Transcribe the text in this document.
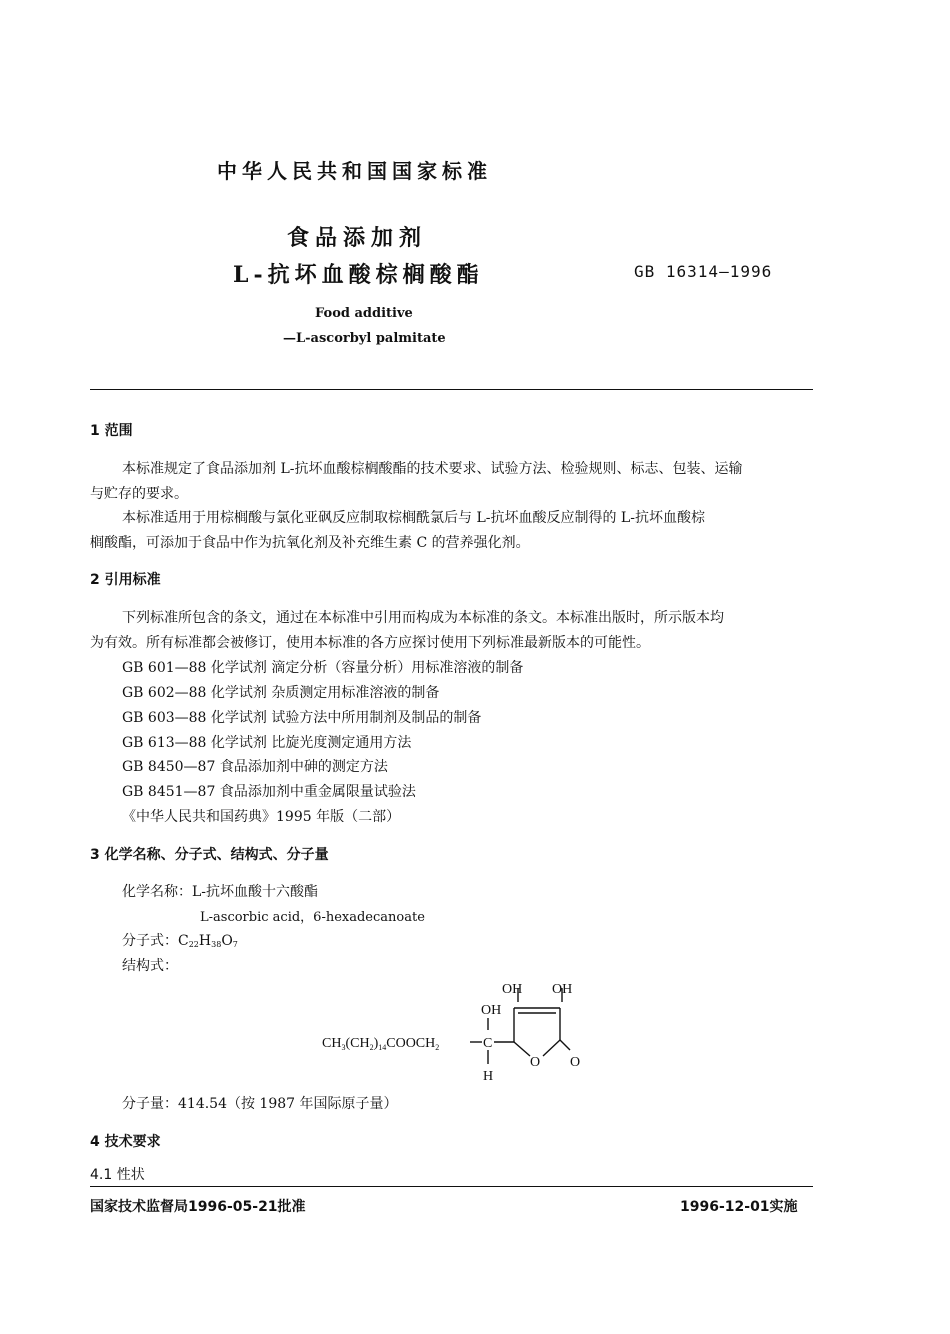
中华人民共和国国家标准
食品添加剂
L-抗坏血酸棕榈酸酯	GB 16314—1996
Food additive
—L-ascorbyl palmitate
1 范围
本标准规定了食品添加剂 L-抗坏血酸棕榈酸酯的技术要求、试验方法、检验规则、标志、包装、运输
与贮存的要求。
本标准适用于用棕榈酸与氯化亚砜反应制取棕榈酰氯后与 L-抗坏血酸反应制得的 L-抗坏血酸棕
榈酸酯，可添加于食品中作为抗氧化剂及补充维生素 C 的营养强化剂。
2 引用标准
下列标准所包含的条文，通过在本标准中引用而构成为本标准的条文。本标准出版时，所示版本均
为有效。所有标准都会被修订，使用本标准的各方应探讨使用下列标准最新版本的可能性。
GB 601—88 化学试剂 滴定分析（容量分析）用标准溶液的制备
GB 602—88 化学试剂 杂质测定用标准溶液的制备
GB 603—88 化学试剂 试验方法中所用制剂及制品的制备
GB 613—88 化学试剂 比旋光度测定通用方法
GB 8450—87 食品添加剂中砷的测定方法
GB 8451—87 食品添加剂中重金属限量试验法
《中华人民共和国药典》1995 年版（二部）
3 化学名称、分子式、结构式、分子量
化学名称：L-抗坏血酸十六酸酯
L-ascorbic acid，6-hexadecanoate
分子式：$C_{22}H_{38}O_7$
结构式：
OH OH
OH
$CH_3(CH_2)_{14}COOCH_2$	C
H
O O
分子量：414.54（按 1987 年国际原子量）
4 技术要求
4.1 性状
国家技术监督局1996-05-21批准	1996-12-01实施
